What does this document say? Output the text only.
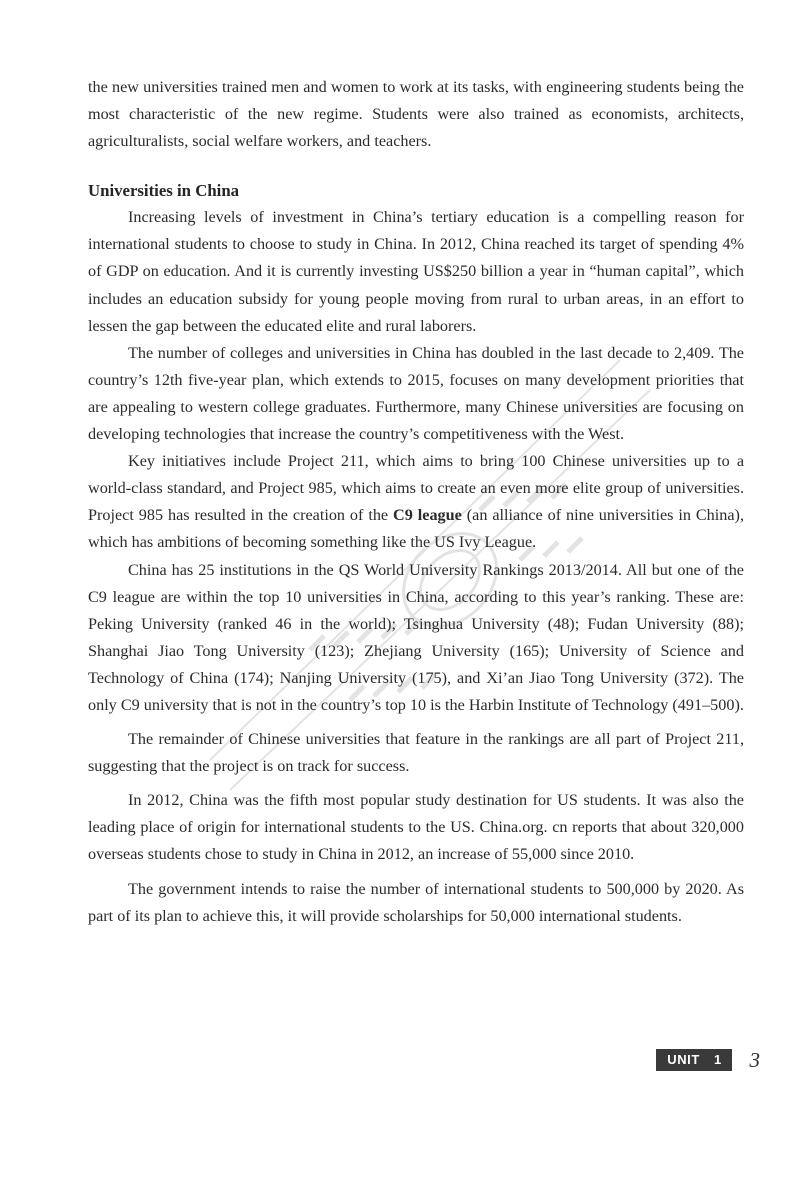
the new universities trained men and women to work at its tasks, with engineering students being the most characteristic of the new regime. Students were also trained as economists, architects, agriculturalists, social welfare workers, and teachers.

Universities in China

Increasing levels of investment in China’s tertiary education is a compelling reason for international students to choose to study in China. In 2012, China reached its target of spending 4% of GDP on education. And it is currently investing US$250 billion a year in “human capital”, which includes an education subsidy for young people moving from rural to urban areas, in an effort to lessen the gap between the educated elite and rural laborers.

The number of colleges and universities in China has doubled in the last decade to 2,409. The country’s 12th five-year plan, which extends to 2015, focuses on many development priorities that are appealing to western college graduates. Furthermore, many Chinese universities are focusing on developing technologies that increase the country’s competitiveness with the West.

Key initiatives include Project 211, which aims to bring 100 Chinese universities up to a world-class standard, and Project 985, which aims to create an even more elite group of universities. Project 985 has resulted in the creation of the C9 league (an alliance of nine universities in China), which has ambitions of becoming something like the US Ivy League.

China has 25 institutions in the QS World University Rankings 2013/2014. All but one of the C9 league are within the top 10 universities in China, according to this year’s ranking. These are: Peking University (ranked 46 in the world); Tsinghua University (48); Fudan University (88); Shanghai Jiao Tong University (123); Zhejiang University (165); University of Science and Technology of China (174); Nanjing University (175), and Xi’an Jiao Tong University (372). The only C9 university that is not in the country’s top 10 is the Harbin Institute of Technology (491–500).

The remainder of Chinese universities that feature in the rankings are all part of Project 211, suggesting that the project is on track for success.

In 2012, China was the fifth most popular study destination for US students. It was also the leading place of origin for international students to the US. China.org. cn reports that about 320,000 overseas students chose to study in China in 2012, an increase of 55,000 since 2010.

The government intends to raise the number of international students to 500,000 by 2020. As part of its plan to achieve this, it will provide scholarships for 50,000 international students.

UNIT 1	3
